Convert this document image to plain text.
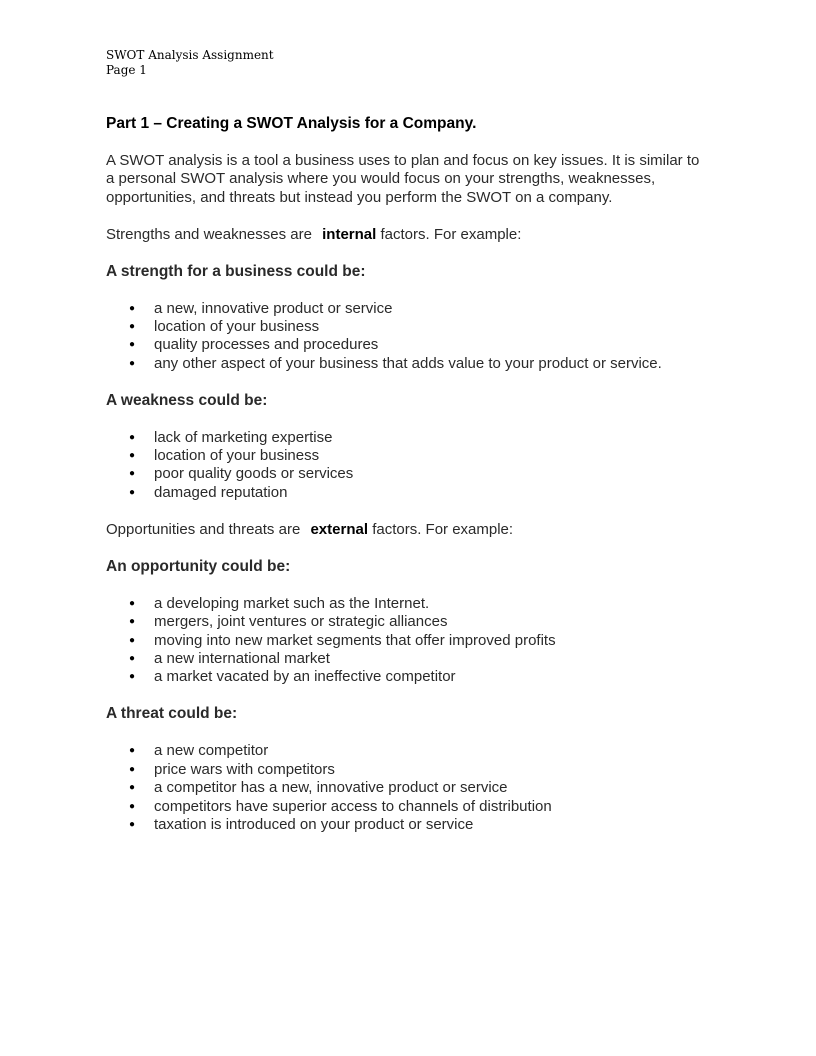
SWOT Analysis Assignment
Page 1
Part 1 – Creating a SWOT Analysis for a Company.

A SWOT analysis is a tool a business uses to plan and focus on key issues. It is similar to a personal SWOT analysis where you would focus on your strengths, weaknesses, opportunities, and threats but instead you perform the SWOT on a company.

Strengths and weaknesses are internal factors. For example:

A strength for a business could be:
● a new, innovative product or service
● location of your business
● quality processes and procedures
● any other aspect of your business that adds value to your product or service.
A weakness could be:
● lack of marketing expertise
● location of your business
● poor quality goods or services
● damaged reputation

Opportunities and threats are external factors. For example:

An opportunity could be:
● a developing market such as the Internet.
● mergers, joint ventures or strategic alliances
● moving into new market segments that offer improved profits
● a new international market
● a market vacated by an ineffective competitor
A threat could be:
● a new competitor
● price wars with competitors
● a competitor has a new, innovative product or service
● competitors have superior access to channels of distribution
● taxation is introduced on your product or service
